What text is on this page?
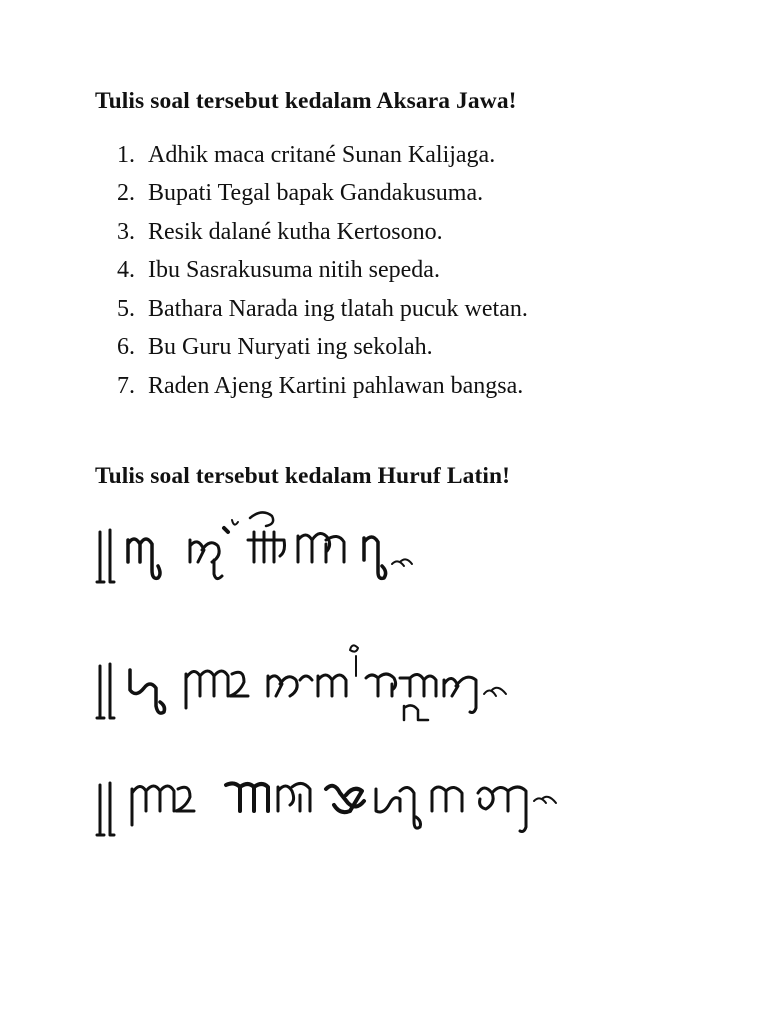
Tulis soal tersebut kedalam Aksara Jawa!
1. Adhik maca critané Sunan Kalijaga.
2. Bupati Tegal bapak Gandakusuma.
3. Resik dalané kutha Kertosono.
4. Ibu Sasrakusuma nitih sepeda.
5. Bathara Narada ing tlatah pucuk wetan.
6. Bu Guru Nuryati ing sekolah.
7. Raden Ajeng Kartini pahlawan bangsa.
Tulis soal tersebut kedalam Huruf Latin!
